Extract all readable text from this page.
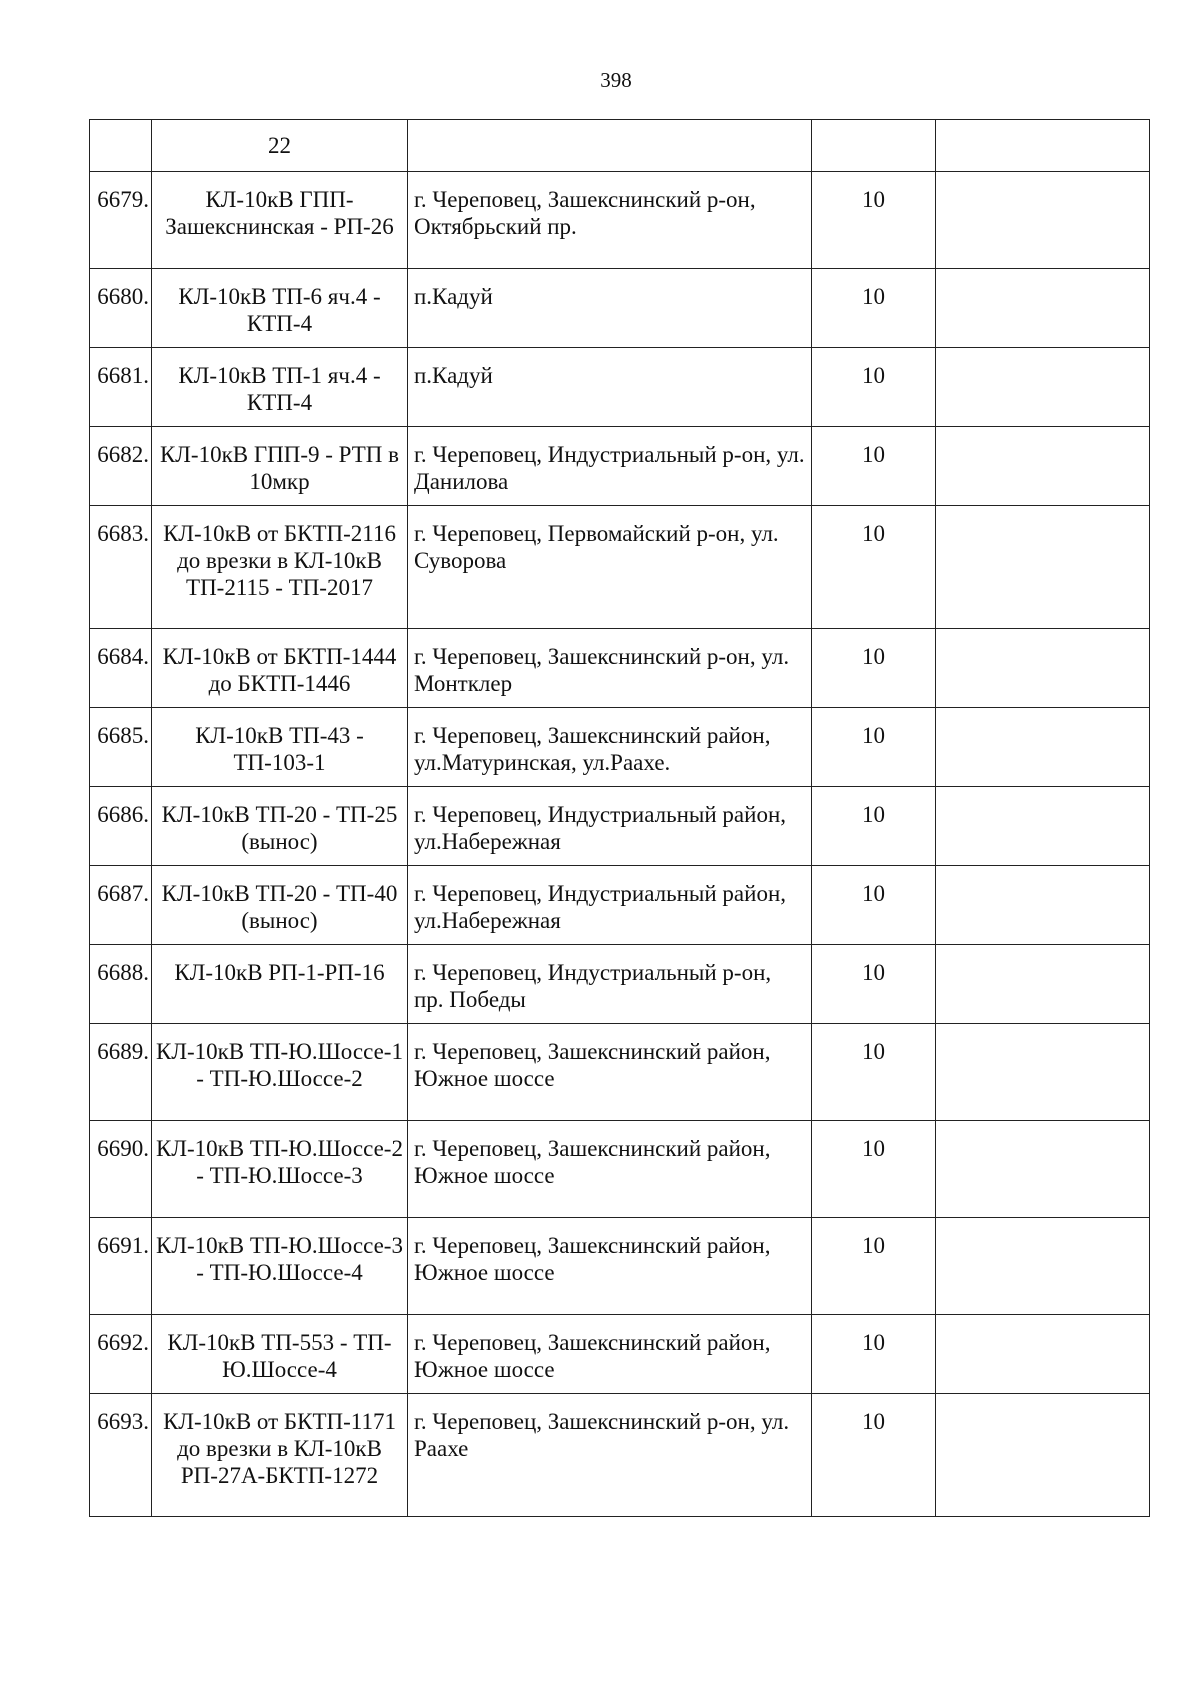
398
	22			
6679.	КЛ-10кВ ГПП-Зашекснинская - РП-26	г. Череповец, Зашекснинский р-он, Октябрьский пр.	10	
6680.	КЛ-10кВ ТП-6 яч.4 - КТП-4	п.Кадуй	10	
6681.	КЛ-10кВ ТП-1 яч.4 - КТП-4	п.Кадуй	10	
6682.	КЛ-10кВ ГПП-9 - РТП в 10мкр	г. Череповец, Индустриальный р-он, ул. Данилова	10	
6683.	КЛ-10кВ от БКТП-2116 до врезки в КЛ-10кВ ТП-2115 - ТП-2017	г. Череповец, Первомайский р-он, ул. Суворова	10	
6684.	КЛ-10кВ от БКТП-1444 до БКТП-1446	г. Череповец, Зашекснинский р-он, ул. Монтклер	10	
6685.	КЛ-10кВ ТП-43 - ТП-103-1	г. Череповец, Зашекснинский район, ул.Матуринская, ул.Раахе.	10	
6686.	КЛ-10кВ ТП-20 - ТП-25 (вынос)	г. Череповец, Индустриальный район, ул.Набережная	10	
6687.	КЛ-10кВ ТП-20 - ТП-40 (вынос)	г. Череповец, Индустриальный район, ул.Набережная	10	
6688.	КЛ-10кВ РП-1-РП-16	г. Череповец, Индустриальный р-он, пр. Победы	10	
6689.	КЛ-10кВ ТП-Ю.Шоссе-1 - ТП-Ю.Шоссе-2	г. Череповец, Зашекснинский район, Южное шоссе	10	
6690.	КЛ-10кВ ТП-Ю.Шоссе-2 - ТП-Ю.Шоссе-3	г. Череповец, Зашекснинский район, Южное шоссе	10	
6691.	КЛ-10кВ ТП-Ю.Шоссе-3 - ТП-Ю.Шоссе-4	г. Череповец, Зашекснинский район, Южное шоссе	10	
6692.	КЛ-10кВ ТП-553 - ТП-Ю.Шоссе-4	г. Череповец, Зашекснинский район, Южное шоссе	10	
6693.	КЛ-10кВ от БКТП-1171 до врезки в КЛ-10кВ РП-27А-БКТП-1272	г. Череповец, Зашекснинский р-он, ул. Раахе	10	
